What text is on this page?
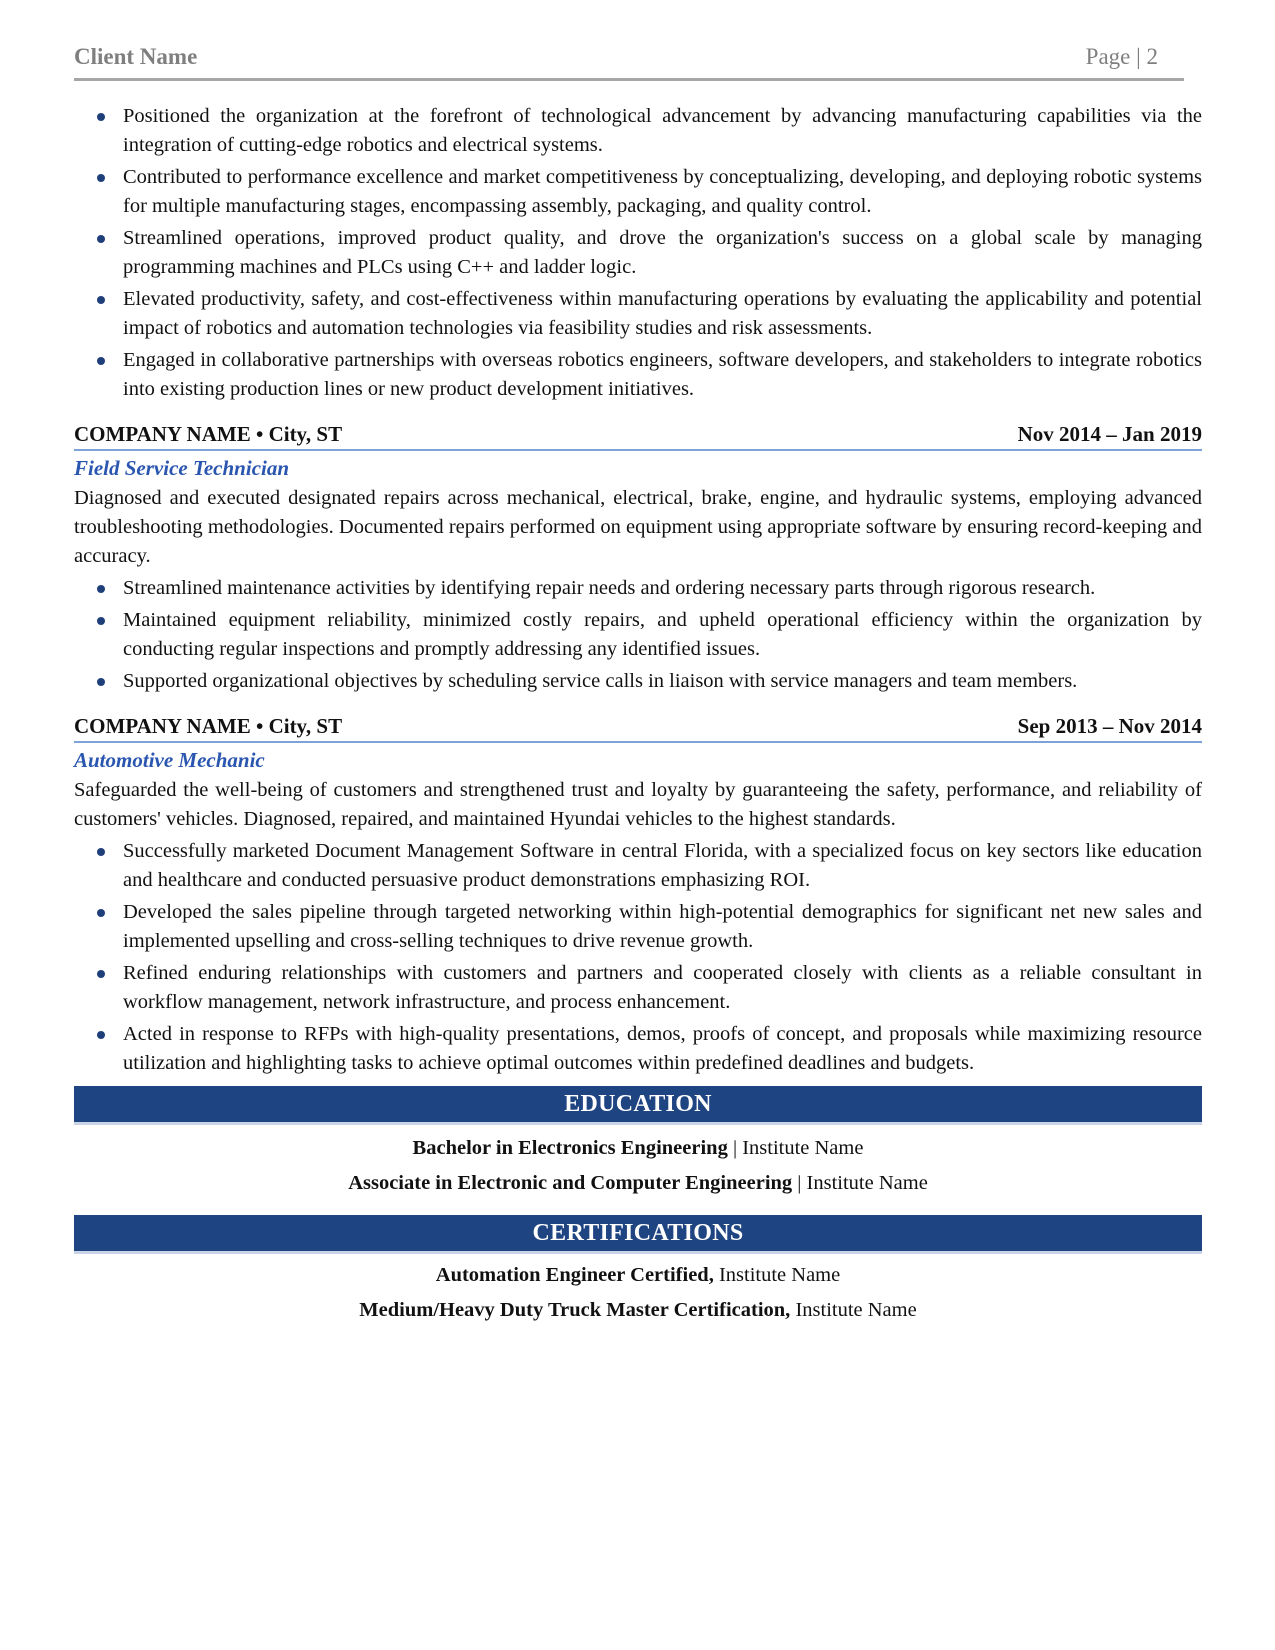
Client Name	Page | 2
Positioned the organization at the forefront of technological advancement by advancing manufacturing capabilities via the integration of cutting-edge robotics and electrical systems.
Contributed to performance excellence and market competitiveness by conceptualizing, developing, and deploying robotic systems for multiple manufacturing stages, encompassing assembly, packaging, and quality control.
Streamlined operations, improved product quality, and drove the organization's success on a global scale by managing programming machines and PLCs using C++ and ladder logic.
Elevated productivity, safety, and cost-effectiveness within manufacturing operations by evaluating the applicability and potential impact of robotics and automation technologies via feasibility studies and risk assessments.
Engaged in collaborative partnerships with overseas robotics engineers, software developers, and stakeholders to integrate robotics into existing production lines or new product development initiatives.
COMPANY NAME • City, ST	Nov 2014 – Jan 2019
Field Service Technician
Diagnosed and executed designated repairs across mechanical, electrical, brake, engine, and hydraulic systems, employing advanced troubleshooting methodologies. Documented repairs performed on equipment using appropriate software by ensuring record-keeping and accuracy.
Streamlined maintenance activities by identifying repair needs and ordering necessary parts through rigorous research.
Maintained equipment reliability, minimized costly repairs, and upheld operational efficiency within the organization by conducting regular inspections and promptly addressing any identified issues.
Supported organizational objectives by scheduling service calls in liaison with service managers and team members.
COMPANY NAME • City, ST	Sep 2013 – Nov 2014
Automotive Mechanic
Safeguarded the well-being of customers and strengthened trust and loyalty by guaranteeing the safety, performance, and reliability of customers' vehicles. Diagnosed, repaired, and maintained Hyundai vehicles to the highest standards.
Successfully marketed Document Management Software in central Florida, with a specialized focus on key sectors like education and healthcare and conducted persuasive product demonstrations emphasizing ROI.
Developed the sales pipeline through targeted networking within high-potential demographics for significant net new sales and implemented upselling and cross-selling techniques to drive revenue growth.
Refined enduring relationships with customers and partners and cooperated closely with clients as a reliable consultant in workflow management, network infrastructure, and process enhancement.
Acted in response to RFPs with high-quality presentations, demos, proofs of concept, and proposals while maximizing resource utilization and highlighting tasks to achieve optimal outcomes within predefined deadlines and budgets.
EDUCATION
Bachelor in Electronics Engineering | Institute Name
Associate in Electronic and Computer Engineering | Institute Name
CERTIFICATIONS
Automation Engineer Certified, Institute Name
Medium/Heavy Duty Truck Master Certification, Institute Name
